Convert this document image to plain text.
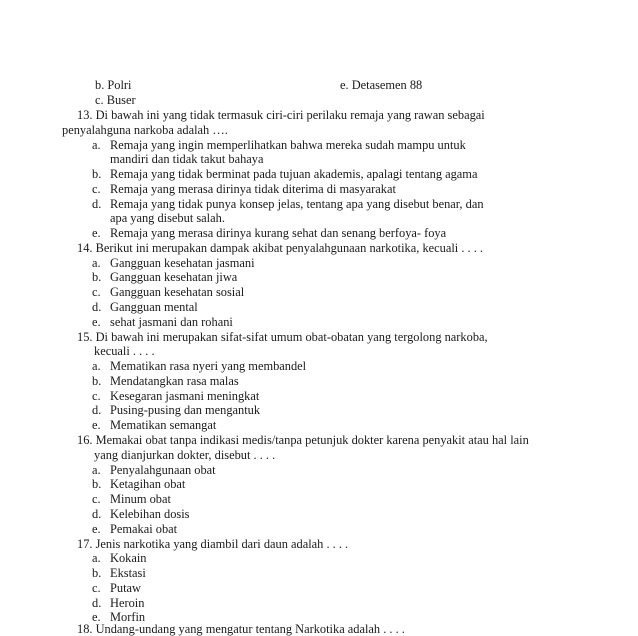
b. Polri	e. Detasemen 88
c. Buser
13. Di bawah ini yang tidak termasuk ciri-ciri perilaku remaja yang rawan sebagai
penyalahguna narkoba adalah ….
a. Remaja yang ingin memperlihatkan bahwa mereka sudah mampu untuk
mandiri dan tidak takut bahaya
b. Remaja yang tidak berminat pada tujuan akademis, apalagi tentang agama
c. Remaja yang merasa dirinya tidak diterima di masyarakat
d. Remaja yang tidak punya konsep jelas, tentang apa yang disebut benar, dan
apa yang disebut salah.
e. Remaja yang merasa dirinya kurang sehat dan senang berfoya- foya
14. Berikut ini merupakan dampak akibat penyalahgunaan narkotika, kecuali . . . .
a. Gangguan kesehatan jasmani
b. Gangguan kesehatan jiwa
c. Gangguan kesehatan sosial
d. Gangguan mental
e. sehat jasmani dan rohani
15. Di bawah ini merupakan sifat-sifat umum obat-obatan yang tergolong narkoba,
kecuali . . . .
a. Mematikan rasa nyeri yang membandel
b. Mendatangkan rasa malas
c. Kesegaran jasmani meningkat
d. Pusing-pusing dan mengantuk
e. Mematikan semangat
16. Memakai obat tanpa indikasi medis/tanpa petunjuk dokter karena penyakit atau hal lain
yang dianjurkan dokter, disebut . . . .
a. Penyalahgunaan obat
b. Ketagihan obat
c. Minum obat
d. Kelebihan dosis
e. Pemakai obat
17. Jenis narkotika yang diambil dari daun adalah . . . .
a. Kokain
b. Ekstasi
c. Putaw
d. Heroin
e. Morfin
18. Undang-undang yang mengatur tentang Narkotika adalah . . . .
